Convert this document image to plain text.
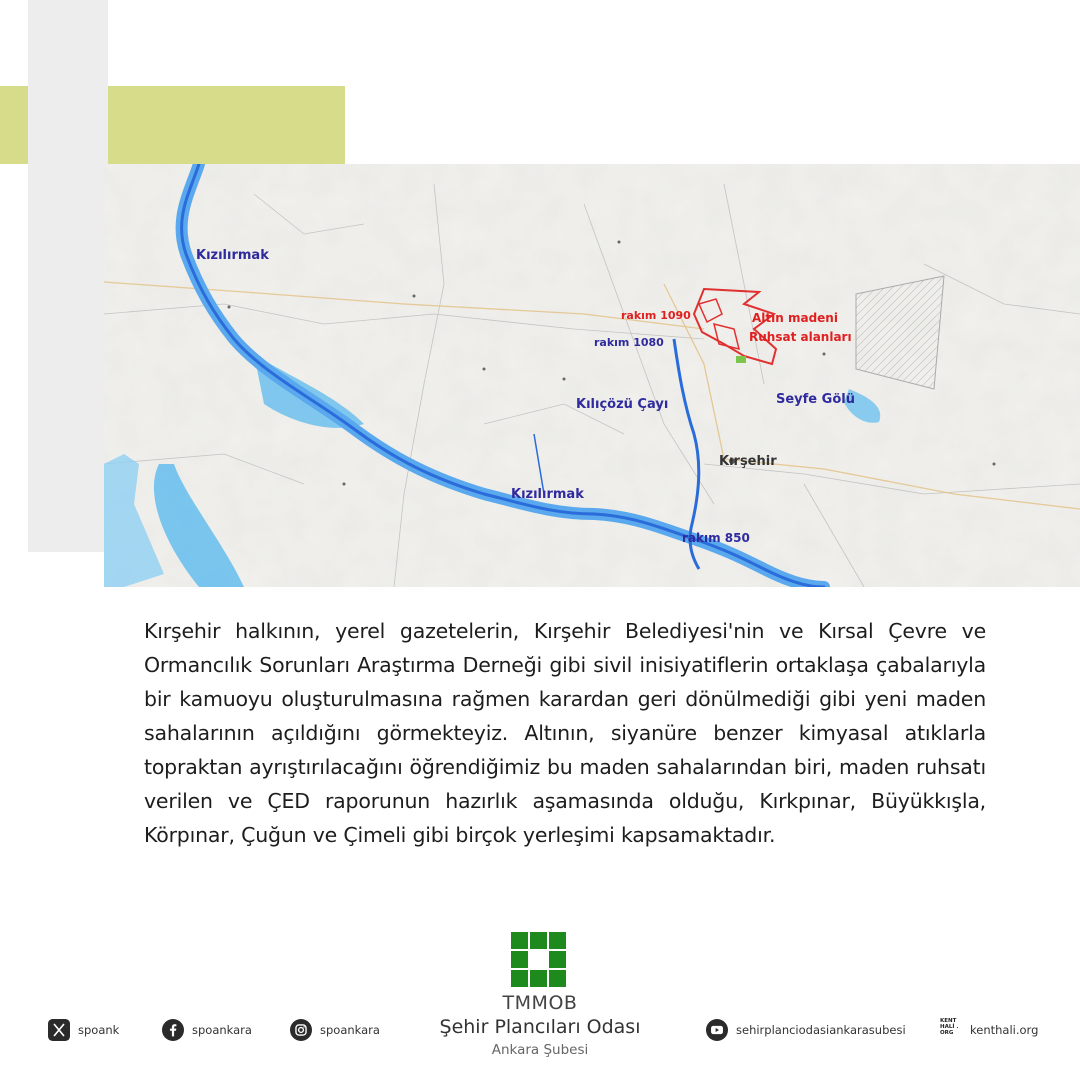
Kızılırmak
Kızılırmak
rakım 1090
rakım 1080
rakım 850
Altın madeni
Ruhsat alanları
Seyfe Gölü
Kılıçözü Çayı
Kırşehir

Kırşehir halkının, yerel gazetelerin, Kırşehir Belediyesi'nin ve Kırsal Çevre ve Ormancılık Sorunları Araştırma Derneği gibi sivil inisiyatiflerin ortaklaşa çabalarıyla bir kamuoyu oluşturulmasına rağmen karardan geri dönülmediği gibi yeni maden sahalarının açıldığını görmekteyiz. Altının, siyanüre benzer kimyasal atıklarla topraktan ayrıştırılacağını öğrendiğimiz bu maden sahalarından biri, maden ruhsatı verilen ve ÇED raporunun hazırlık aşamasında olduğu, Kırkpınar, Büyükkışla, Körpınar, Çuğun ve Çimeli gibi birçok yerleşimi kapsamaktadır.

TMMOB
Şehir Plancıları Odası
Ankara Şubesi
spoank	spoankara	spoankara	sehirplanciodasiankarasubesi
KENT HALİ .ORG	kenthali.org
